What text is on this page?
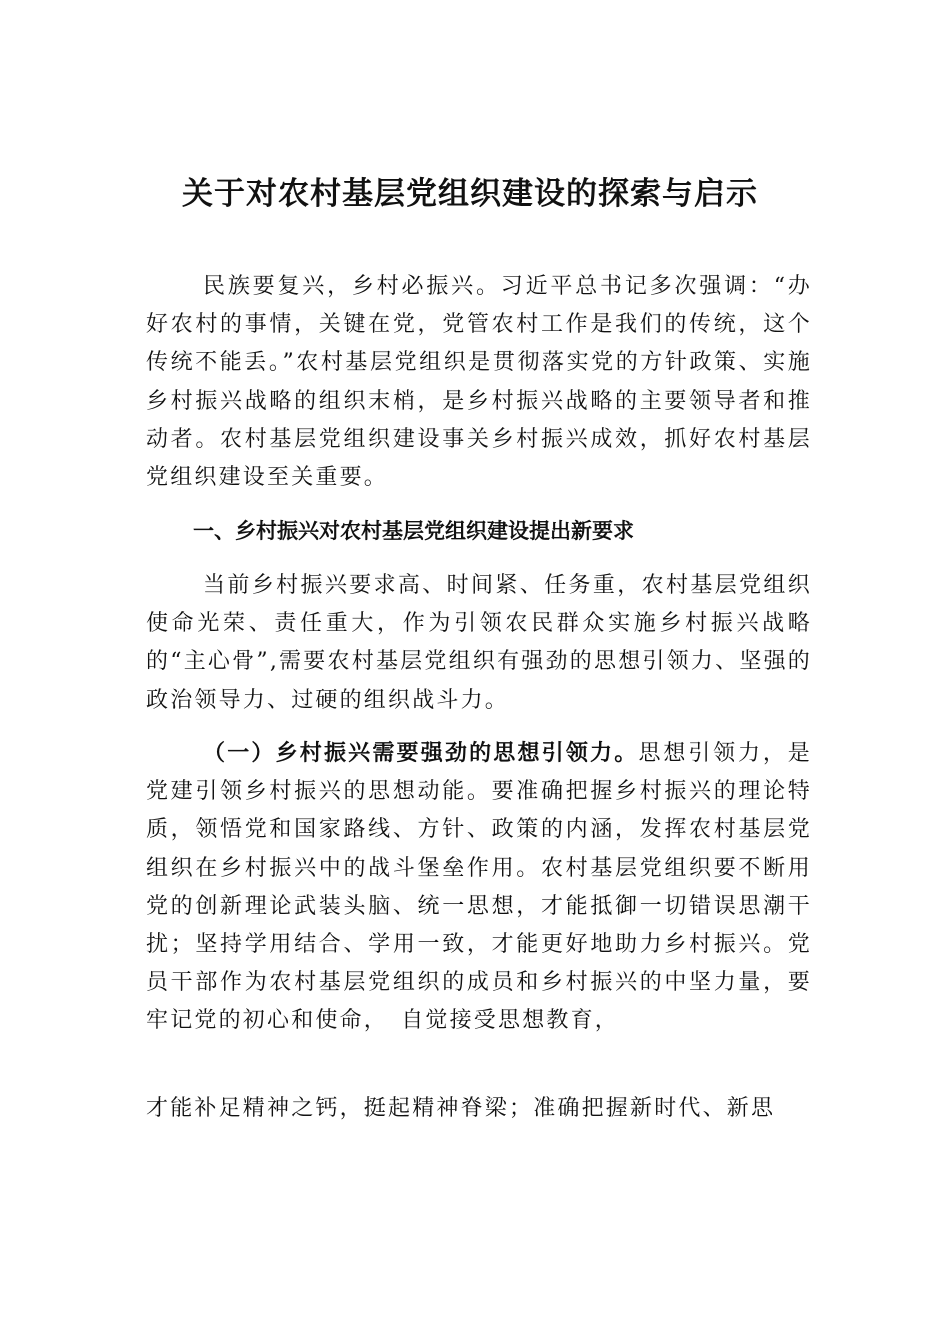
关于对农村基层党组织建设的探索与启示

民族要复兴，乡村必振兴。习近平总书记多次强调：“办好农村的事情，关键在党，党管农村工作是我们的传统，这个传统不能丢。”农村基层党组织是贯彻落实党的方针政策、实施乡村振兴战略的组织末梢，是乡村振兴战略的主要领导者和推动者。农村基层党组织建设事关乡村振兴成效，抓好农村基层党组织建设至关重要。

一、乡村振兴对农村基层党组织建设提出新要求

当前乡村振兴要求高、时间紧、任务重，农村基层党组织使命光荣、责任重大，作为引领农民群众实施乡村振兴战略的“主心骨”,需要农村基层党组织有强劲的思想引领力、坚强的政治领导力、过硬的组织战斗力。

（一）乡村振兴需要强劲的思想引领力。思想引领力，是党建引领乡村振兴的思想动能。要准确把握乡村振兴的理论特质，领悟党和国家路线、方针、政策的内涵，发挥农村基层党组织在乡村振兴中的战斗堡垒作用。农村基层党组织要不断用党的创新理论武装头脑、统一思想，才能抵御一切错误思潮干扰；坚持学用结合、学用一致，才能更好地助力乡村振兴。党员干部作为农村基层党组织的成员和乡村振兴的中坚力量，要牢记党的初心和使命，　自觉接受思想教育，

才能补足精神之钙，挺起精神脊梁；准确把握新时代、新思
